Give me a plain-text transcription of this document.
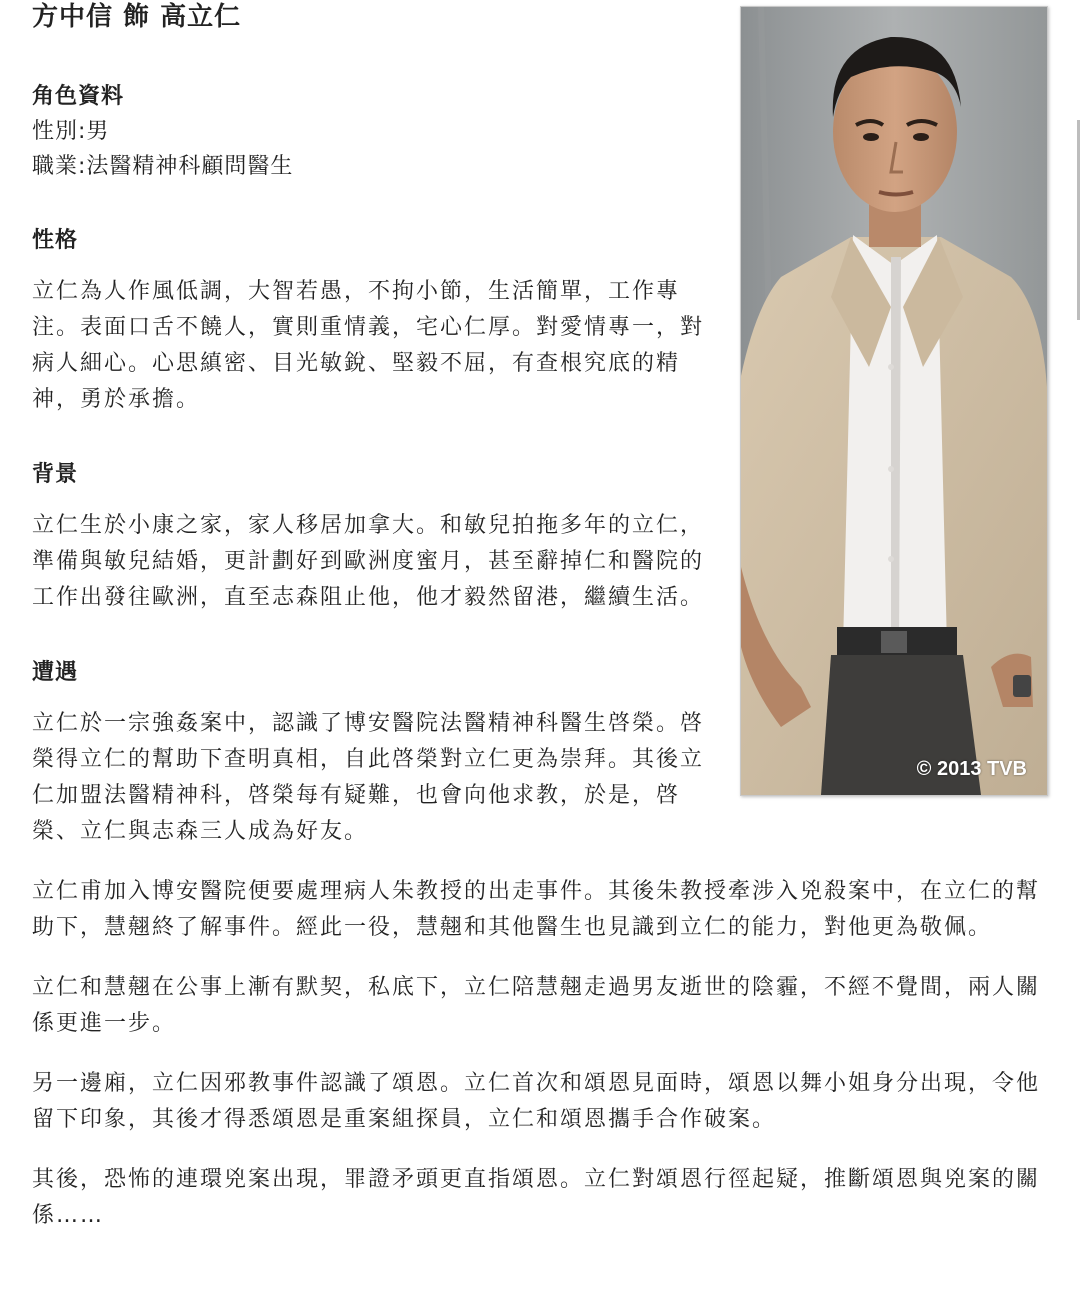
方中信 飾 高立仁
© 2013 TVB
角色資料

性別:男

職業:法醫精神科顧問醫生

性格

立仁為人作風低調，大智若愚，不拘小節，生活簡單，工作專注。表面口舌不饒人，實則重情義，宅心仁厚。對愛情專一，對病人細心。心思縝密、目光敏銳、堅毅不屈，有查根究底的精神，勇於承擔。

背景

立仁生於小康之家，家人移居加拿大。和敏兒拍拖多年的立仁，準備與敏兒結婚，更計劃好到歐洲度蜜月，甚至辭掉仁和醫院的工作出發往歐洲，直至志森阻止他，他才毅然留港，繼續生活。

遭遇

立仁於一宗強姦案中，認識了博安醫院法醫精神科醫生啓榮。啓榮得立仁的幫助下查明真相，自此啓榮對立仁更為崇拜。其後立仁加盟法醫精神科，啓榮每有疑難，也會向他求教，於是，啓榮、立仁與志森三人成為好友。

立仁甫加入博安醫院便要處理病人朱教授的出走事件。其後朱教授牽涉入兇殺案中，在立仁的幫助下，慧翹終了解事件。經此一役，慧翹和其他醫生也見識到立仁的能力，對他更為敬佩。

立仁和慧翹在公事上漸有默契，私底下，立仁陪慧翹走過男友逝世的陰霾，不經不覺間，兩人關係更進一步。

另一邊廂，立仁因邪教事件認識了頌恩。立仁首次和頌恩見面時，頌恩以舞小姐身分出現，令他留下印象，其後才得悉頌恩是重案組探員，立仁和頌恩攜手合作破案。

其後，恐怖的連環兇案出現，罪證矛頭更直指頌恩。立仁對頌恩行徑起疑，推斷頌恩與兇案的關係……
